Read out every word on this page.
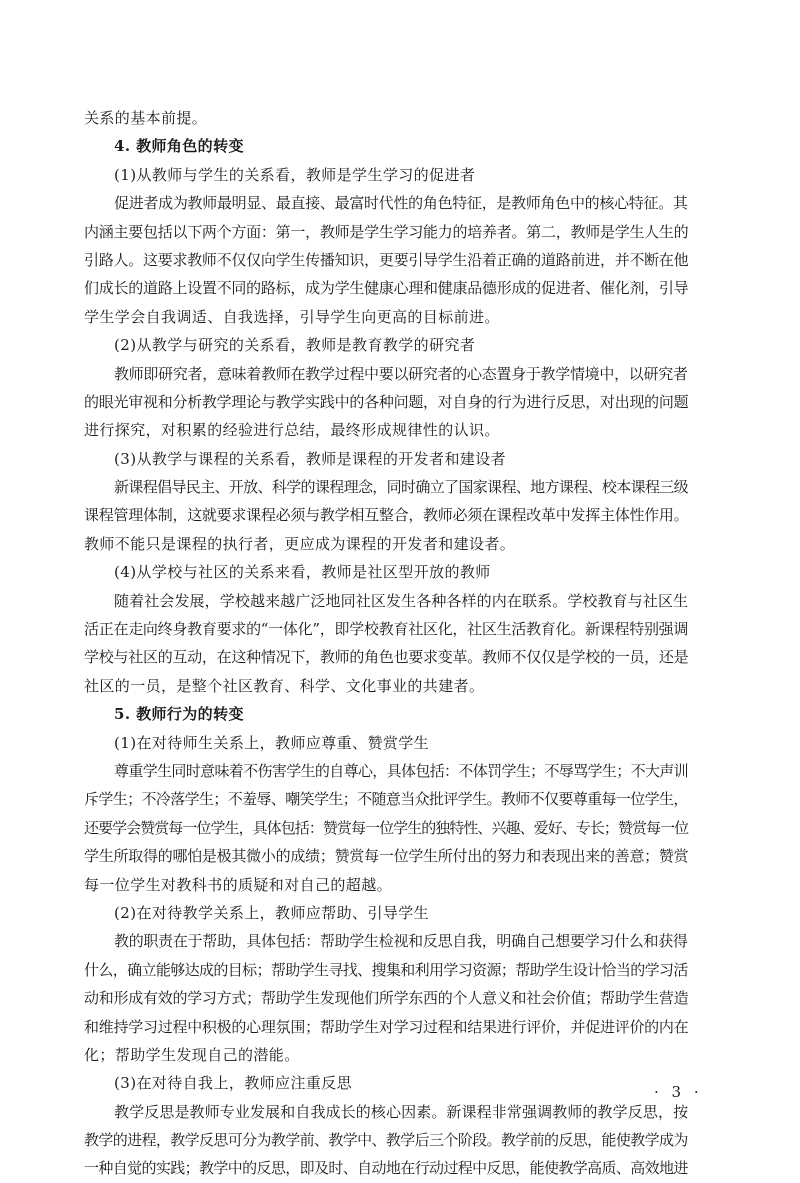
关系的基本前提。

4. 教师角色的转变

(1)从教师与学生的关系看，教师是学生学习的促进者

促进者成为教师最明显、最直接、最富时代性的角色特征，是教师角色中的核心特征。其

内涵主要包括以下两个方面：第一，教师是学生学习能力的培养者。第二，教师是学生人生的

引路人。这要求教师不仅仅向学生传播知识，更要引导学生沿着正确的道路前进，并不断在他

们成长的道路上设置不同的路标，成为学生健康心理和健康品德形成的促进者、催化剂，引导

学生学会自我调适、自我选择，引导学生向更高的目标前进。

(2)从教学与研究的关系看，教师是教育教学的研究者

教师即研究者，意味着教师在教学过程中要以研究者的心态置身于教学情境中，以研究者

的眼光审视和分析教学理论与教学实践中的各种问题，对自身的行为进行反思，对出现的问题

进行探究，对积累的经验进行总结，最终形成规律性的认识。

(3)从教学与课程的关系看，教师是课程的开发者和建设者

新课程倡导民主、开放、科学的课程理念，同时确立了国家课程、地方课程、校本课程三级

课程管理体制，这就要求课程必须与教学相互整合，教师必须在课程改革中发挥主体性作用。

教师不能只是课程的执行者，更应成为课程的开发者和建设者。

(4)从学校与社区的关系来看，教师是社区型开放的教师

随着社会发展，学校越来越广泛地同社区发生各种各样的内在联系。学校教育与社区生

活正在走向终身教育要求的“一体化”，即学校教育社区化，社区生活教育化。新课程特别强调

学校与社区的互动，在这种情况下，教师的角色也要求变革。教师不仅仅是学校的一员，还是

社区的一员，是整个社区教育、科学、文化事业的共建者。

5. 教师行为的转变

(1)在对待师生关系上，教师应尊重、赞赏学生

尊重学生同时意味着不伤害学生的自尊心，具体包括：不体罚学生；不辱骂学生；不大声训

斥学生；不冷落学生；不羞辱、嘲笑学生；不随意当众批评学生。教师不仅要尊重每一位学生，

还要学会赞赏每一位学生，具体包括：赞赏每一位学生的独特性、兴趣、爱好、专长；赞赏每一位

学生所取得的哪怕是极其微小的成绩；赞赏每一位学生所付出的努力和表现出来的善意；赞赏

每一位学生对教科书的质疑和对自己的超越。

(2)在对待教学关系上，教师应帮助、引导学生

教的职责在于帮助，具体包括：帮助学生检视和反思自我，明确自己想要学习什么和获得

什么，确立能够达成的目标；帮助学生寻找、搜集和利用学习资源；帮助学生设计恰当的学习活

动和形成有效的学习方式；帮助学生发现他们所学东西的个人意义和社会价值；帮助学生营造

和维持学习过程中积极的心理氛围；帮助学生对学习过程和结果进行评价，并促进评价的内在

化；帮助学生发现自己的潜能。

(3)在对待自我上，教师应注重反思

教学反思是教师专业发展和自我成长的核心因素。新课程非常强调教师的教学反思，按

教学的进程，教学反思可分为教学前、教学中、教学后三个阶段。教学前的反思，能使教学成为

一种自觉的实践；教学中的反思，即及时、自动地在行动过程中反思，能使教学高质、高效地进

· 3 ·
